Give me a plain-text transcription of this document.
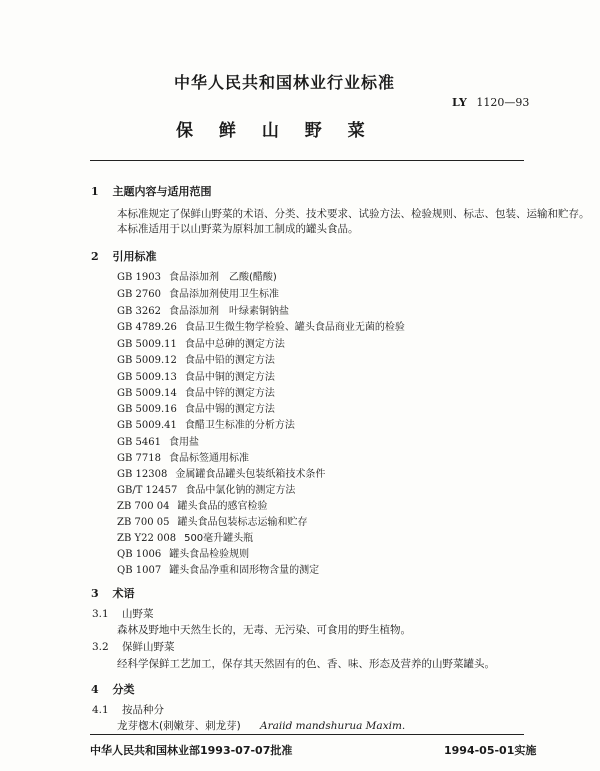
中华人民共和国林业行业标准
保 鲜 山 野 菜
LY 1120—93
1 主题内容与适用范围
本标准规定了保鲜山野菜的术语、分类、技术要求、试验方法、检验规则、标志、包装、运输和贮存。
本标准适用于以山野菜为原料加工制成的罐头食品。
2 引用标准
GB 1903 食品添加剂　乙酸(醋酸)
GB 2760 食品添加剂使用卫生标准
GB 3262 食品添加剂　叶绿素铜钠盐
GB 4789.26 食品卫生微生物学检验、罐头食品商业无菌的检验
GB 5009.11 食品中总砷的测定方法
GB 5009.12 食品中铅的测定方法
GB 5009.13 食品中铜的测定方法
GB 5009.14 食品中锌的测定方法
GB 5009.16 食品中锡的测定方法
GB 5009.41 食醋卫生标准的分析方法
GB 5461 食用盐
GB 7718 食品标签通用标准
GB 12308 金属罐食品罐头包装纸箱技术条件
GB/T 12457 食品中氯化钠的测定方法
ZB 700 04 罐头食品的感官检验
ZB 700 05 罐头食品包装标志运输和贮存
ZB Y22 008 500毫升罐头瓶
QB 1006 罐头食品检验规则
QB 1007 罐头食品净重和固形物含量的测定
3 术语
3.1 山野菜
森林及野地中天然生长的，无毒、无污染、可食用的野生植物。
3.2 保鲜山野菜
经科学保鲜工艺加工，保存其天然固有的色、香、味、形态及营养的山野菜罐头。
4 分类
4.1 按品种分
龙芽楤木(刺嫩芽、刺龙芽) Araiid mandshurua Maxim.
中华人民共和国林业部1993-07-07批准	1994-05-01实施
